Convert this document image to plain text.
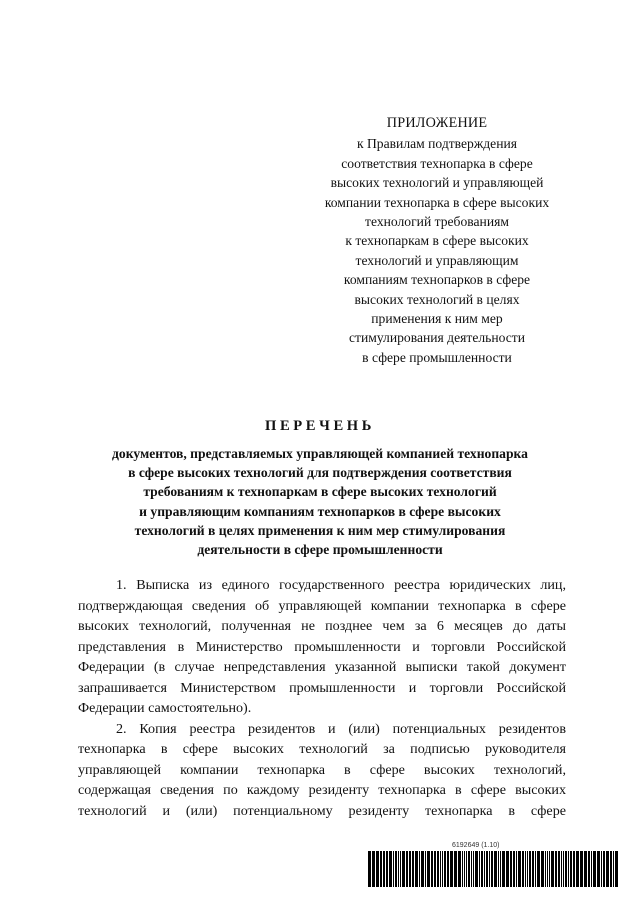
ПРИЛОЖЕНИЕ
к Правилам подтверждения
соответствия технопарка в сфере
высоких технологий и управляющей
компании технопарка в сфере высоких
технологий требованиям
к технопаркам в сфере высоких
технологий и управляющим
компаниям технопарков в сфере
высоких технологий в целях
применения к ним мер
стимулирования деятельности
в сфере промышленности
ПЕРЕЧЕНЬ
документов, представляемых управляющей компанией технопарка
в сфере высоких технологий для подтверждения соответствия
требованиям к технопаркам в сфере высоких технологий
и управляющим компаниям технопарков в сфере высоких
технологий в целях применения к ним мер стимулирования
деятельности в сфере промышленности
1. Выписка из единого государственного реестра юридических лиц,
подтверждающая сведения об управляющей компании технопарка в сфере
высоких технологий, полученная не позднее чем за 6 месяцев до даты
представления в Министерство промышленности и торговли Российской
Федерации (в случае непредставления указанной выписки такой документ
запрашивается Министерством промышленности и торговли Российской
Федерации самостоятельно).
2. Копия реестра резидентов и (или) потенциальных резидентов
технопарка в сфере высоких технологий за подписью руководителя
управляющей компании технопарка в сфере высоких технологий,
содержащая сведения по каждому резиденту технопарка в сфере высоких
технологий и (или) потенциальному резиденту технопарка в сфере
6192649 (1.10)
